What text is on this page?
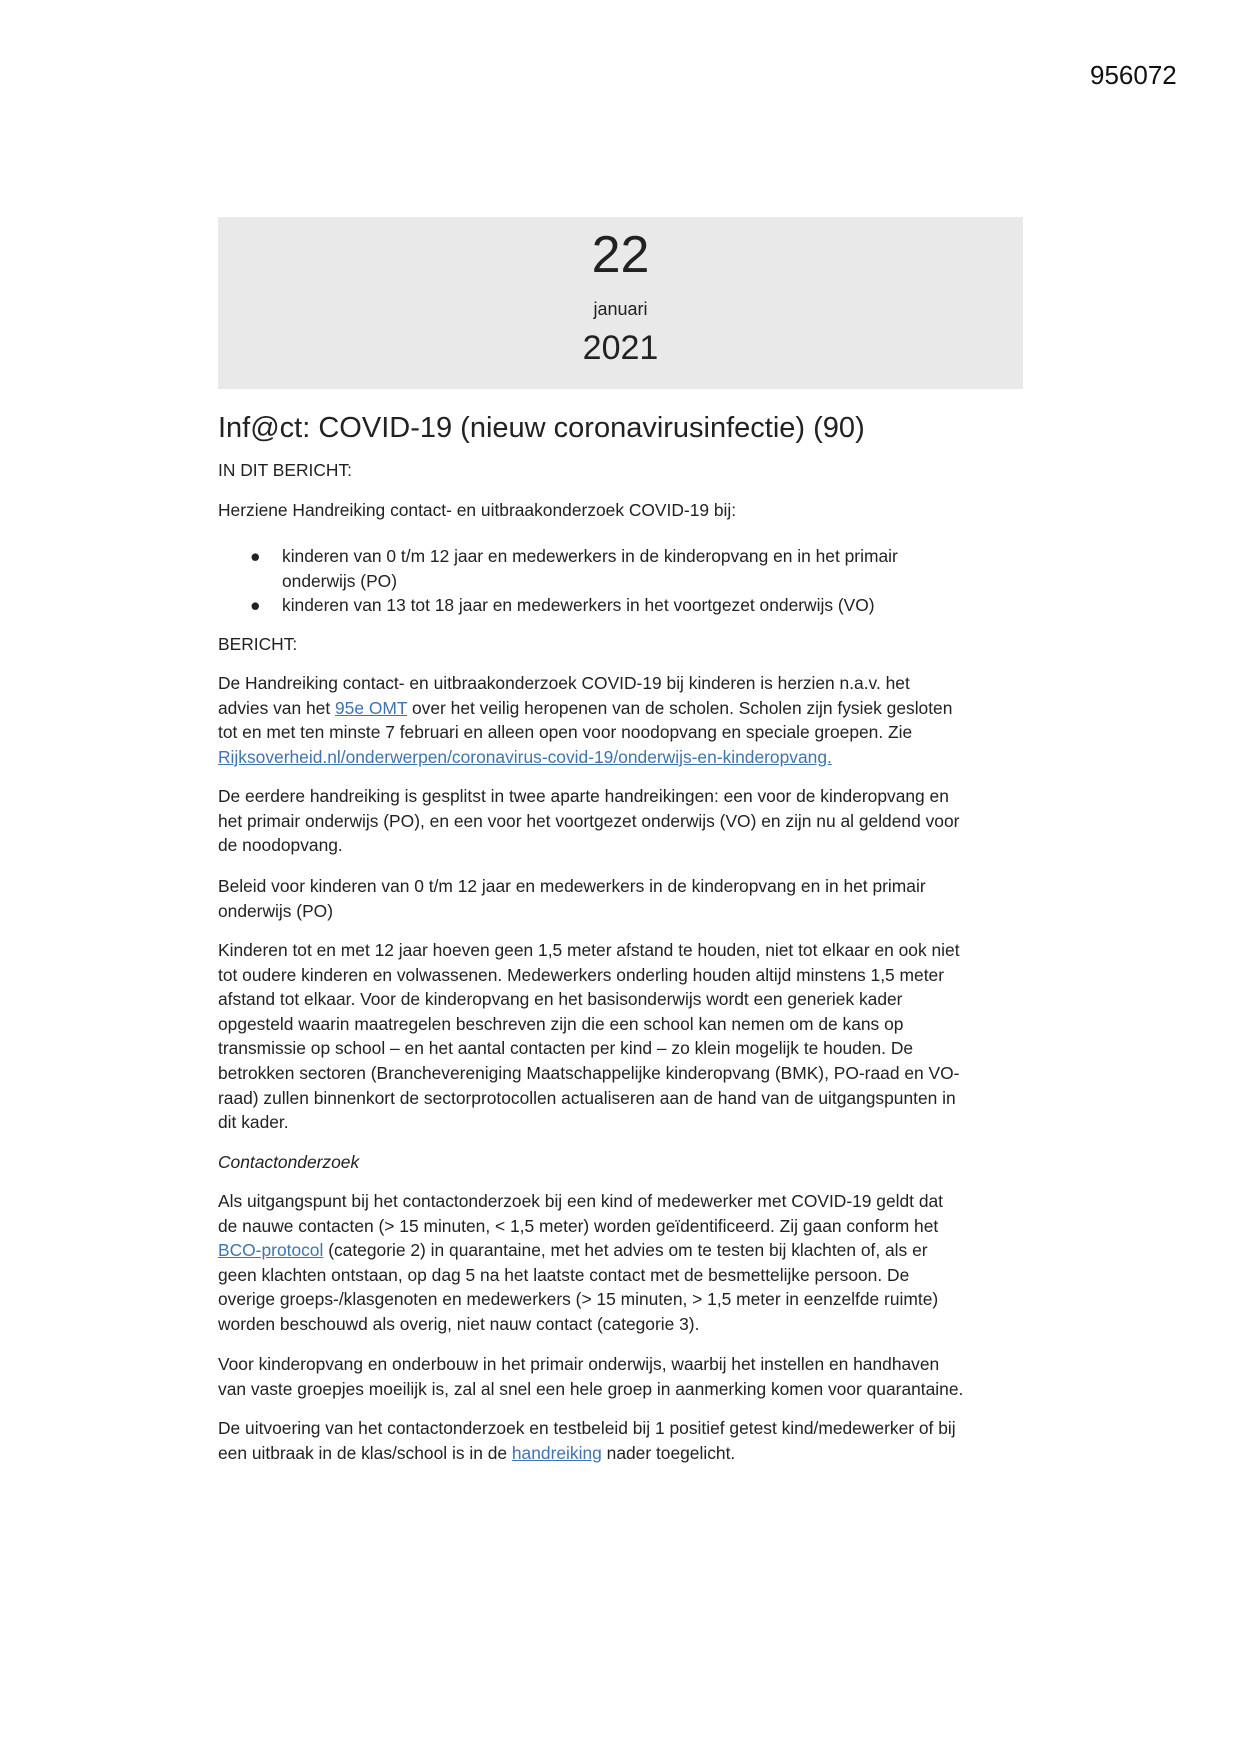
956072
22
januari
2021
Inf@ct: COVID-19 (nieuw coronavirusinfectie) (90)
IN DIT BERICHT:
Herziene Handreiking contact- en uitbraakonderzoek COVID-19 bij:
● kinderen van 0 t/m 12 jaar en medewerkers in de kinderopvang en in het primair
onderwijs (PO)
● kinderen van 13 tot 18 jaar en medewerkers in het voortgezet onderwijs (VO)
BERICHT:
De Handreiking contact- en uitbraakonderzoek COVID-19 bij kinderen is herzien n.a.v. het
advies van het 95e OMT over het veilig heropenen van de scholen. Scholen zijn fysiek gesloten
tot en met ten minste 7 februari en alleen open voor noodopvang en speciale groepen. Zie
Rijksoverheid.nl/onderwerpen/coronavirus-covid-19/onderwijs-en-kinderopvang.
De eerdere handreiking is gesplitst in twee aparte handreikingen: een voor de kinderopvang en
het primair onderwijs (PO), en een voor het voortgezet onderwijs (VO) en zijn nu al geldend voor
de noodopvang.
Beleid voor kinderen van 0 t/m 12 jaar en medewerkers in de kinderopvang en in het primair
onderwijs (PO)
Kinderen tot en met 12 jaar hoeven geen 1,5 meter afstand te houden, niet tot elkaar en ook niet
tot oudere kinderen en volwassenen. Medewerkers onderling houden altijd minstens 1,5 meter
afstand tot elkaar. Voor de kinderopvang en het basisonderwijs wordt een generiek kader
opgesteld waarin maatregelen beschreven zijn die een school kan nemen om de kans op
transmissie op school – en het aantal contacten per kind – zo klein mogelijk te houden. De
betrokken sectoren (Branchevereniging Maatschappelijke kinderopvang (BMK), PO-raad en VO-
raad) zullen binnenkort de sectorprotocollen actualiseren aan de hand van de uitgangspunten in
dit kader.
Contactonderzoek
Als uitgangspunt bij het contactonderzoek bij een kind of medewerker met COVID-19 geldt dat
de nauwe contacten (> 15 minuten, < 1,5 meter) worden geïdentificeerd. Zij gaan conform het
BCO-protocol (categorie 2) in quarantaine, met het advies om te testen bij klachten of, als er
geen klachten ontstaan, op dag 5 na het laatste contact met de besmettelijke persoon. De
overige groeps-/klasgenoten en medewerkers (> 15 minuten, > 1,5 meter in eenzelfde ruimte)
worden beschouwd als overig, niet nauw contact (categorie 3).
Voor kinderopvang en onderbouw in het primair onderwijs, waarbij het instellen en handhaven
van vaste groepjes moeilijk is, zal al snel een hele groep in aanmerking komen voor quarantaine.
De uitvoering van het contactonderzoek en testbeleid bij 1 positief getest kind/medewerker of bij
een uitbraak in de klas/school is in de handreiking nader toegelicht.
